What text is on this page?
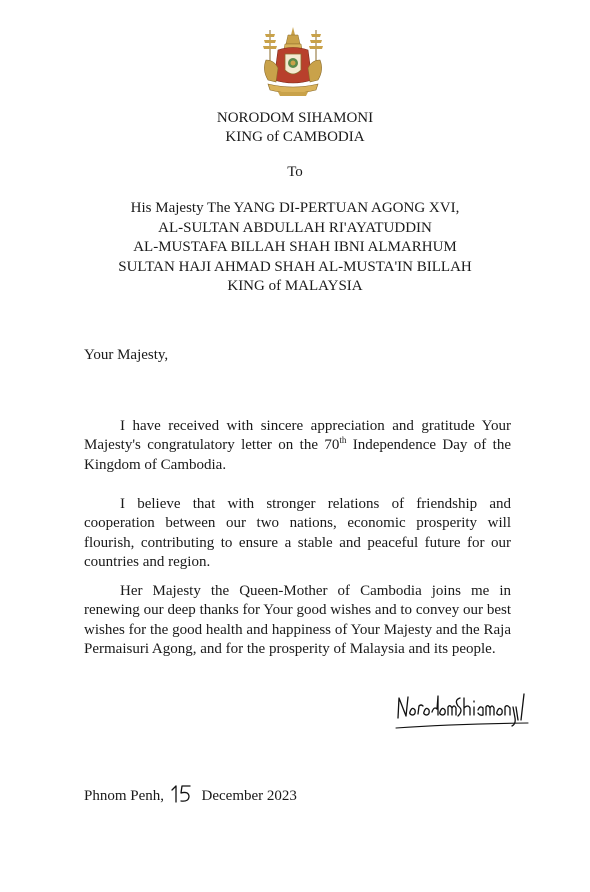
NORODOM SIHAMONI
KING of CAMBODIA
To
His Majesty The YANG DI-PERTUAN AGONG XVI,
AL-SULTAN ABDULLAH RI'AYATUDDIN
AL-MUSTAFA BILLAH SHAH IBNI ALMARHUM
SULTAN HAJI AHMAD SHAH AL-MUSTA'IN BILLAH
KING of MALAYSIA
Your Majesty,

I have received with sincere appreciation and gratitude Your Majesty's congratulatory letter on the 70th Independence Day of the Kingdom of Cambodia.

I believe that with stronger relations of friendship and cooperation between our two nations, economic prosperity will flourish, contributing to ensure a stable and peaceful future for our countries and region.

Her Majesty the Queen-Mother of Cambodia joins me in renewing our deep thanks for Your good wishes and to convey our best wishes for the good health and happiness of Your Majesty and the Raja Permaisuri Agong, and for the prosperity of Malaysia and its people.

Phnom Penh,	December 2023
